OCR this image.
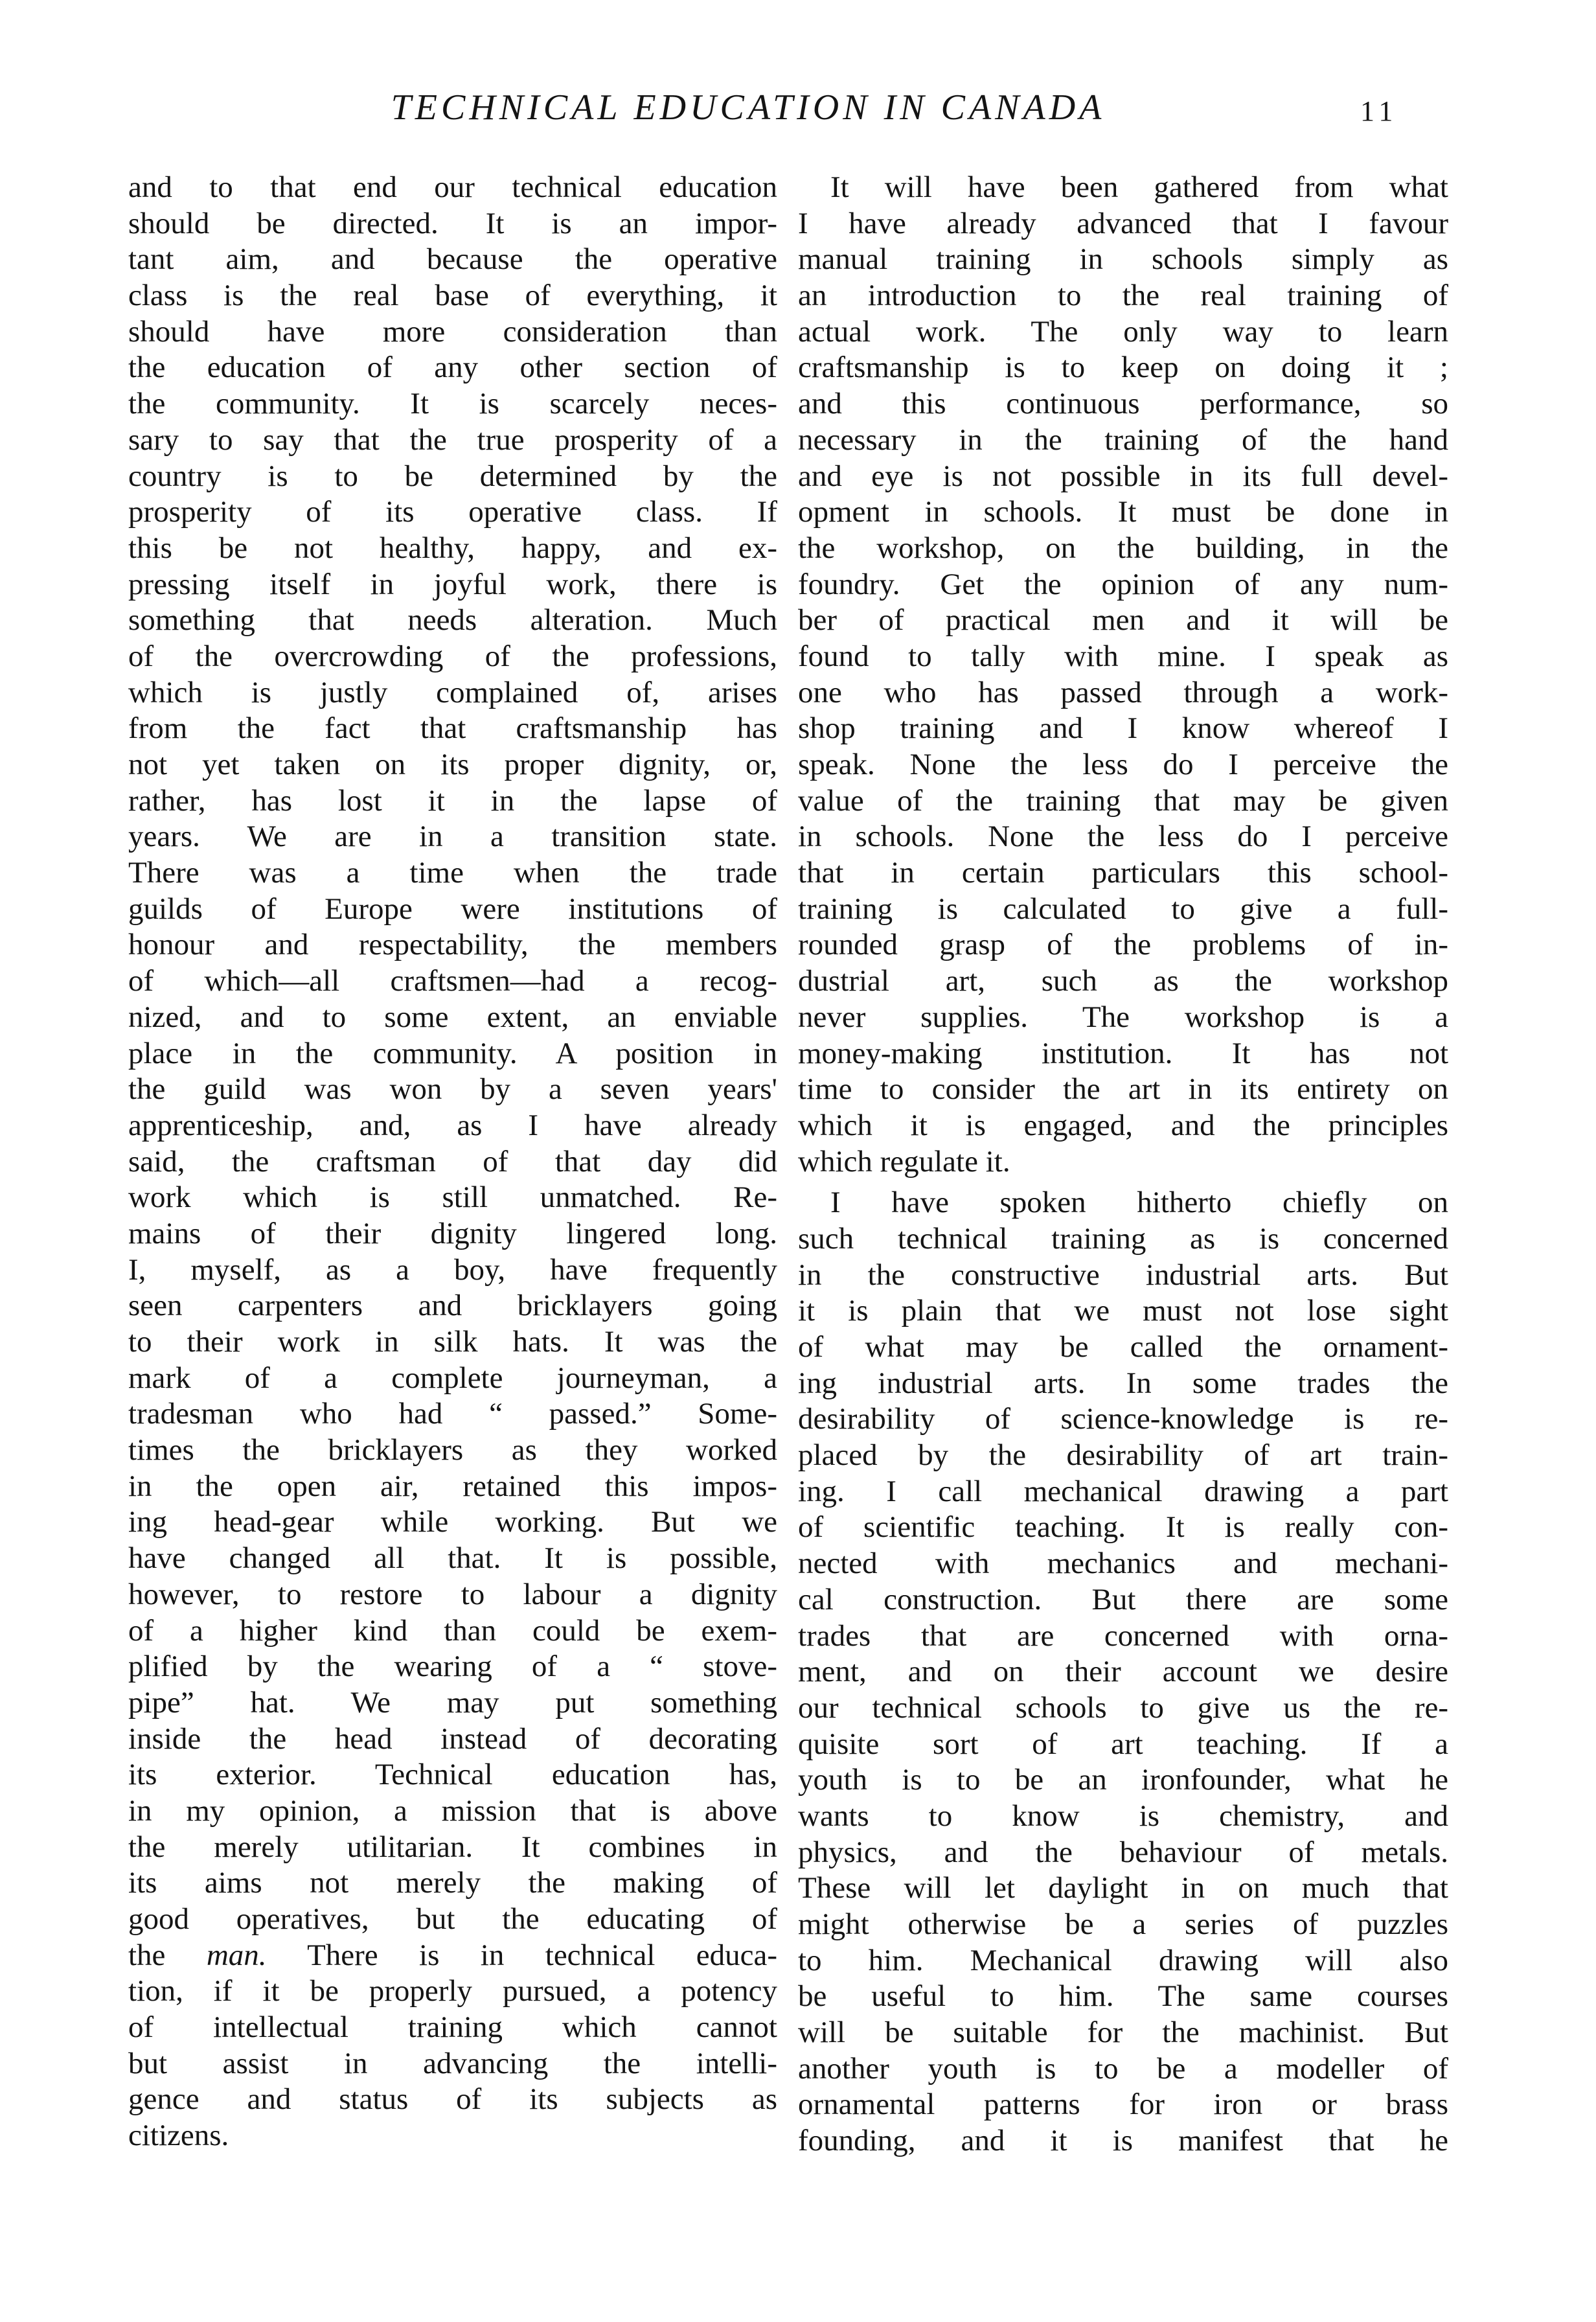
TECHNICAL EDUCATION IN CANADA	11

and to that end our technical education
should be directed. It is an impor-
tant aim, and because the operative
class is the real base of everything, it
should have more consideration than
the education of any other section of
the community. It is scarcely neces-
sary to say that the true prosperity of a
country is to be determined by the
prosperity of its operative class. If
this be not healthy, happy, and ex-
pressing itself in joyful work, there is
something that needs alteration. Much
of the overcrowding of the professions,
which is justly complained of, arises
from the fact that craftsmanship has
not yet taken on its proper dignity, or,
rather, has lost it in the lapse of
years. We are in a transition state.
There was a time when the trade
guilds of Europe were institutions of
honour and respectability, the members
of which—all craftsmen—had a recog-
nized, and to some extent, an enviable
place in the community. A position in
the guild was won by a seven years'
apprenticeship, and, as I have already
said, the craftsman of that day did
work which is still unmatched. Re-
mains of their dignity lingered long.
I, myself, as a boy, have frequently
seen carpenters and bricklayers going
to their work in silk hats. It was the
mark of a complete journeyman, a
tradesman who had “ passed.” Some-
times the bricklayers as they worked
in the open air, retained this impos-
ing head-gear while working. But we
have changed all that. It is possible,
however, to restore to labour a dignity
of a higher kind than could be exem-
plified by the wearing of a “ stove-
pipe” hat. We may put something
inside the head instead of decorating
its exterior. Technical education has,
in my opinion, a mission that is above
the merely utilitarian. It combines in
its aims not merely the making of
good operatives, but the educating of
the man. There is in technical educa-
tion, if it be properly pursued, a potency
of intellectual training which cannot
but assist in advancing the intelli-
gence and status of its subjects as
citizens.

It will have been gathered from what
I have already advanced that I favour
manual training in schools simply as
an introduction to the real training of
actual work. The only way to learn
craftsmanship is to keep on doing it ;
and this continuous performance, so
necessary in the training of the hand
and eye is not possible in its full devel-
opment in schools. It must be done in
the workshop, on the building, in the
foundry. Get the opinion of any num-
ber of practical men and it will be
found to tally with mine. I speak as
one who has passed through a work-
shop training and I know whereof I
speak. None the less do I perceive the
value of the training that may be given
in schools. None the less do I perceive
that in certain particulars this school-
training is calculated to give a full-
rounded grasp of the problems of in-
dustrial art, such as the workshop
never supplies. The workshop is a
money-making institution. It has not
time to consider the art in its entirety on
which it is engaged, and the principles
which regulate it.

I have spoken hitherto chiefly on
such technical training as is concerned
in the constructive industrial arts. But
it is plain that we must not lose sight
of what may be called the ornament-
ing industrial arts. In some trades the
desirability of science-knowledge is re-
placed by the desirability of art train-
ing. I call mechanical drawing a part
of scientific teaching. It is really con-
nected with mechanics and mechani-
cal construction. But there are some
trades that are concerned with orna-
ment, and on their account we desire
our technical schools to give us the re-
quisite sort of art teaching. If a
youth is to be an ironfounder, what he
wants to know is chemistry, and
physics, and the behaviour of metals.
These will let daylight in on much that
might otherwise be a series of puzzles
to him. Mechanical drawing will also
be useful to him. The same courses
will be suitable for the machinist. But
another youth is to be a modeller of
ornamental patterns for iron or brass
founding, and it is manifest that he
